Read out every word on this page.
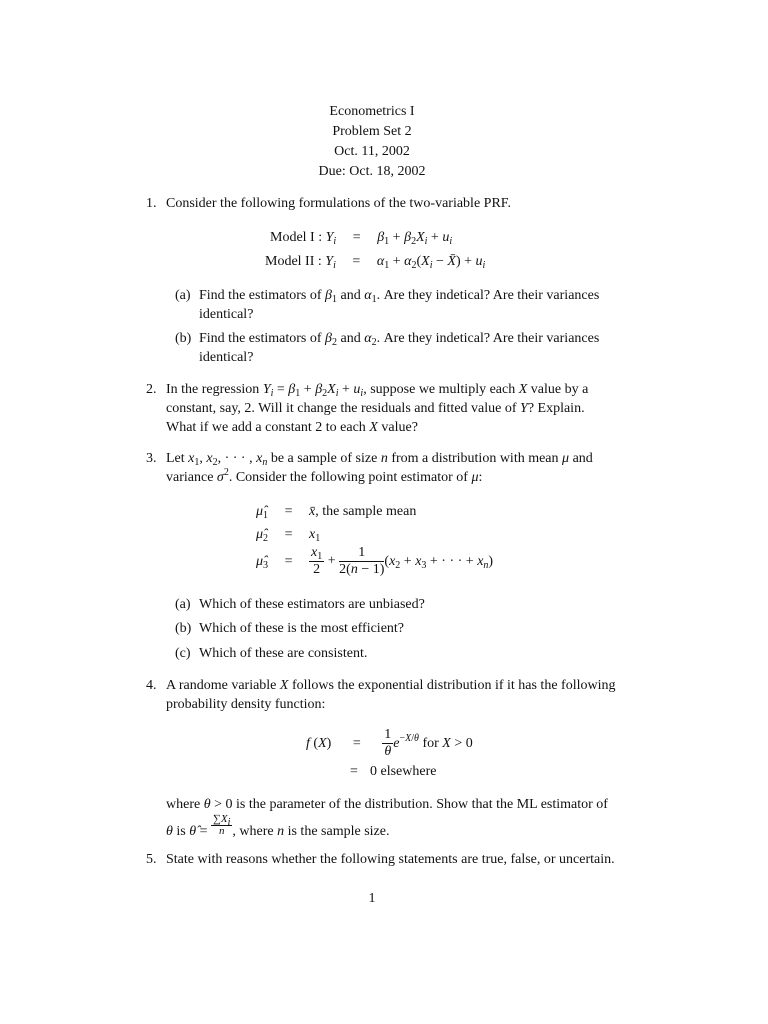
Econometrics I
Problem Set 2
Oct. 11, 2002
Due: Oct. 18, 2002
1. Consider the following formulations of the two-variable PRF.
Model I : $Y_i = \beta_1 + \beta_2X_i + u_i$
Model II : $Y_i = \alpha_1 + \alpha_2(X_i$ − X̄) + $u_i$
(a) Find the estimators of $\beta_1$ and $\alpha_1$. Are they indetical? Are their variances identical?
(b) Find the estimators of $\beta_2$ and $\alpha_2$. Are they indetical? Are their variances identical?
2. In the regression $Y_i = \beta_1 + \beta_2X_i + u_i$, suppose we multiply each X value by a constant, say, 2. Will it change the residuals and fitted value of Y? Explain. What if we add a constant 2 to each X value?
3. Let $x_1$, $x_2$, · · · , $x_n$ be a sample of size n from a distribution with mean μ and variance $\sigma^2$. Consider the following point estimator of μ:
$\mû_1$ = x̄, the sample mean
$\mû_2 = x_1$
$\mû_3 = \frac{x_1}{2} + \frac{1}{2(n - 1)} (x_2 + x_3$ + · · · + $x_n$)
(a) Which of these estimators are unbiased?
(b) Which of these is the most efficient?
(c) Which of these are consistent.
4. A randome variable X follows the exponential distribution if it has the following probability density function:
f $(X) = \frac{1}{\theta} e^{-X/\theta}$ for X > 0
= 0 elsewhere
where θ > 0 is the parameter of the distribution. Show that the ML estimator of
θ is θ̂ = $\frac{\sum X_i}{n}$ , where n is the sample size.
5. State with reasons whether the following statements are true, false, or uncertain.
1
